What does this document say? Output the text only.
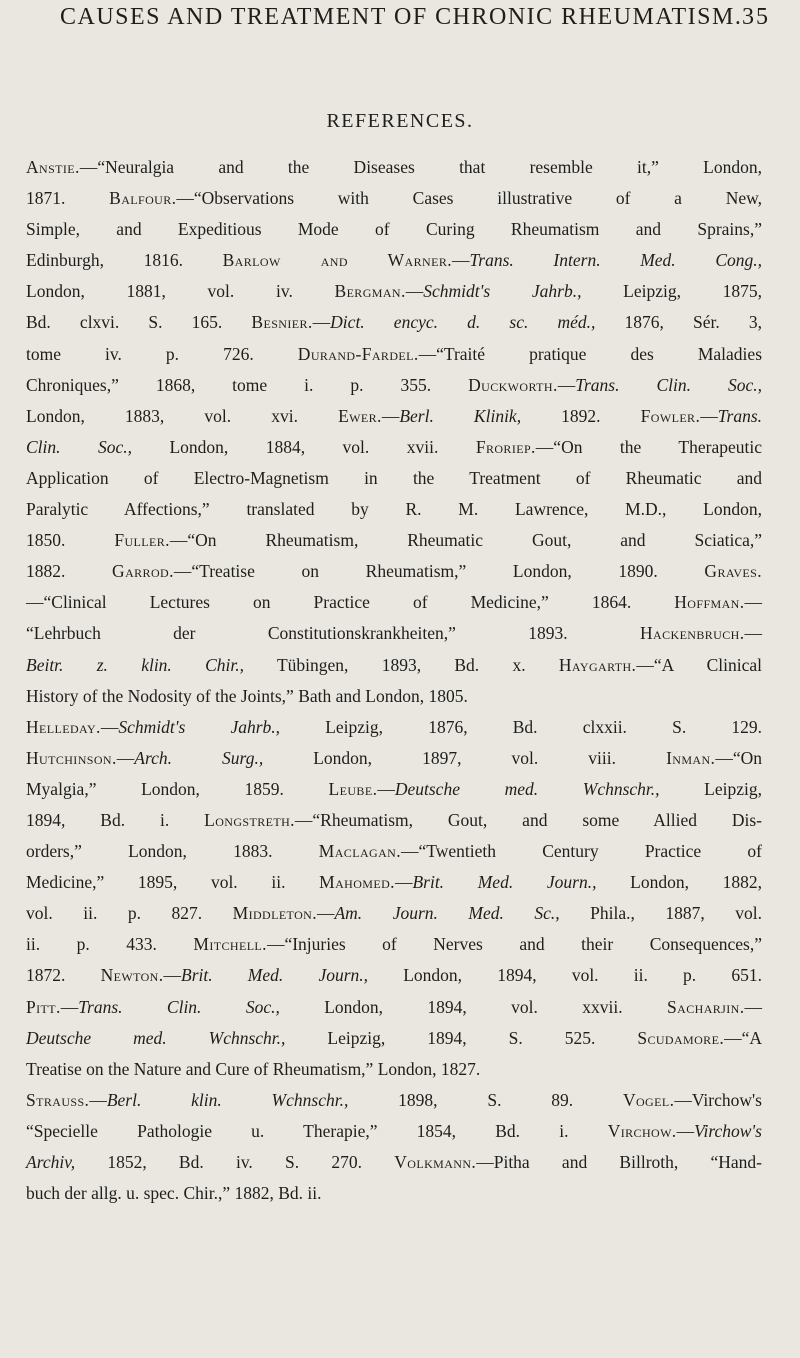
CAUSES AND TREATMENT OF CHRONIC RHEUMATISM. 35
REFERENCES.
Anstie.—“Neuralgia and the Diseases that resemble it,” London,
1871. Balfour.—“Observations with Cases illustrative of a New,
Simple, and Expeditious Mode of Curing Rheumatism and Sprains,”
Edinburgh, 1816. Barlow and Warner.—Trans. Intern. Med. Cong.,
London, 1881, vol. iv. Bergman.—Schmidt's Jahrb., Leipzig, 1875,
Bd. clxvi. S. 165. Besnier.—Dict. encyc. d. sc. méd., 1876, Sér. 3,
tome iv. p. 726. Durand-Fardel.—“Traité pratique des Maladies
Chroniques,” 1868, tome i. p. 355. Duckworth.—Trans. Clin. Soc.,
London, 1883, vol. xvi. Ewer.—Berl. Klinik, 1892. Fowler.—Trans.
Clin. Soc., London, 1884, vol. xvii. Froriep.—“On the Therapeutic
Application of Electro-Magnetism in the Treatment of Rheumatic and
Paralytic Affections,” translated by R. M. Lawrence, M.D., London,
1850. Fuller.—“On Rheumatism, Rheumatic Gout, and Sciatica,”
1882. Garrod.—“Treatise on Rheumatism,” London, 1890. Graves.
—“Clinical Lectures on Practice of Medicine,” 1864. Hoffman.—
“Lehrbuch der Constitutionskrankheiten,” 1893. Hackenbruch.—
Beitr. z. klin. Chir., Tübingen, 1893, Bd. x. Haygarth.—“A Clinical
History of the Nodosity of the Joints,” Bath and London, 1805.
Helleday.—Schmidt's Jahrb., Leipzig, 1876, Bd. clxxii. S. 129.
Hutchinson.—Arch. Surg., London, 1897, vol. viii. Inman.—“On
Myalgia,” London, 1859. Leube.—Deutsche med. Wchnschr., Leipzig,
1894, Bd. i. Longstreth.—“Rheumatism, Gout, and some Allied Dis-
orders,” London, 1883. Maclagan.—“Twentieth Century Practice of
Medicine,” 1895, vol. ii. Mahomed.—Brit. Med. Journ., London, 1882,
vol. ii. p. 827. Middleton.—Am. Journ. Med. Sc., Phila., 1887, vol.
ii. p. 433. Mitchell.—“Injuries of Nerves and their Consequences,”
1872. Newton.—Brit. Med. Journ., London, 1894, vol. ii. p. 651.
Pitt.—Trans. Clin. Soc., London, 1894, vol. xxvii. Sacharjin.—
Deutsche med. Wchnschr., Leipzig, 1894, S. 525. Scudamore.—“A
Treatise on the Nature and Cure of Rheumatism,” London, 1827.
Strauss.—Berl. klin. Wchnschr., 1898, S. 89. Vogel.—Virchow's
“Specielle Pathologie u. Therapie,” 1854, Bd. i. Virchow.—Virchow's
Archiv, 1852, Bd. iv. S. 270. Volkmann.—Pitha and Billroth, “Hand-
buch der allg. u. spec. Chir.,” 1882, Bd. ii.
